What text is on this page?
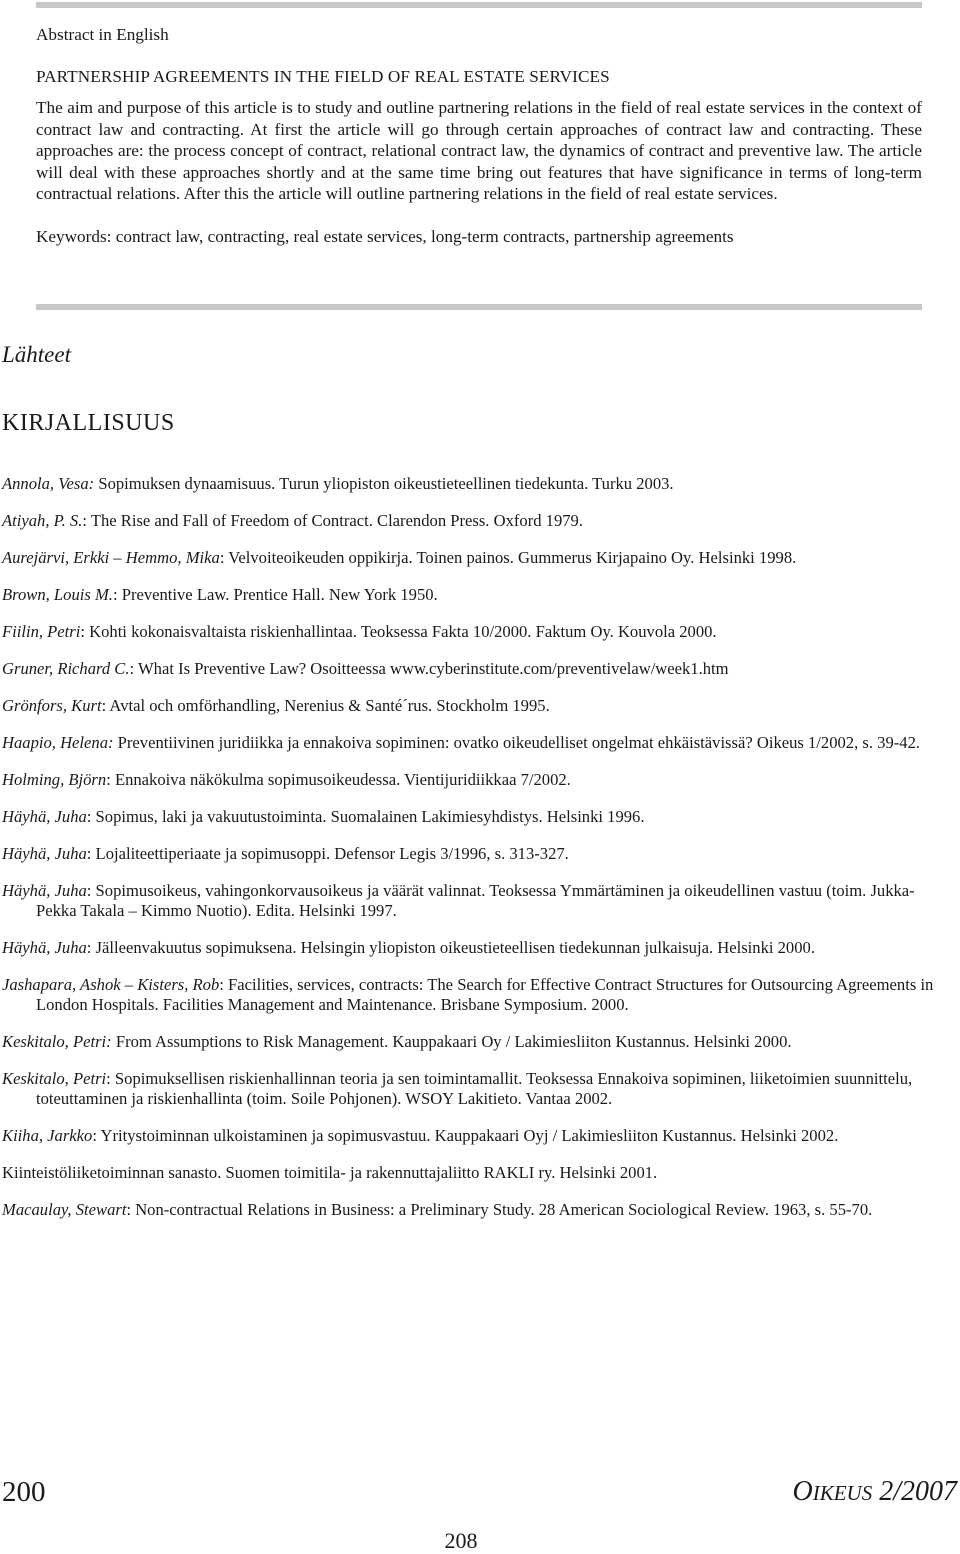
Abstract in English

PARTNERSHIP AGREEMENTS IN THE FIELD OF REAL ESTATE SERVICES

The aim and purpose of this article is to study and outline partnering relations in the field of real estate services in the context of contract law and contracting. At first the article will go through certain approaches of contract law and contracting. These approaches are: the process concept of contract, relational contract law, the dynamics of contract and preventive law. The article will deal with these approaches shortly and at the same time bring out features that have significance in terms of long-term contractual relations. After this the article will outline partnering relations in the field of real estate services.

Keywords: contract law, contracting, real estate services, long-term contracts, partnership agreements

Lähteet
KIRJALLISUUS
Annola, Vesa: Sopimuksen dynaamisuus. Turun yliopiston oikeustieteellinen tiedekunta. Turku 2003.
Atiyah, P. S.: The Rise and Fall of Freedom of Contract. Clarendon Press. Oxford 1979.
Aurejärvi, Erkki – Hemmo, Mika: Velvoiteoikeuden oppikirja. Toinen painos. Gummerus Kirjapaino Oy. Helsinki 1998.
Brown, Louis M.: Preventive Law. Prentice Hall. New York 1950.
Fiilin, Petri: Kohti kokonaisvaltaista riskienhallintaa. Teoksessa Fakta 10/2000. Faktum Oy. Kouvola 2000.
Gruner, Richard C.: What Is Preventive Law? Osoitteessa www.cyberinstitute.com/preventivelaw/week1.htm
Grönfors, Kurt: Avtal och omförhandling, Nerenius & Santé´rus. Stockholm 1995.
Haapio, Helena: Preventiivinen juridiikka ja ennakoiva sopiminen: ovatko oikeudelliset ongelmat ehkäistävissä? Oikeus 1/2002, s. 39-42.
Holming, Björn: Ennakoiva näkökulma sopimusoikeudessa. Vientijuridiikkaa 7/2002.
Häyhä, Juha: Sopimus, laki ja vakuutustoiminta. Suomalainen Lakimiesyhdistys. Helsinki 1996.
Häyhä, Juha: Lojaliteettiperiaate ja sopimusoppi. Defensor Legis 3/1996, s. 313-327.
Häyhä, Juha: Sopimusoikeus, vahingonkorvausoikeus ja väärät valinnat. Teoksessa Ymmärtäminen ja oikeudellinen vastuu (toim. Jukka-Pekka Takala – Kimmo Nuotio). Edita. Helsinki 1997.
Häyhä, Juha: Jälleenvakuutus sopimuksena. Helsingin yliopiston oikeustieteellisen tiedekunnan julkaisuja. Helsinki 2000.
Jashapara, Ashok – Kisters, Rob: Facilities, services, contracts: The Search for Effective Contract Structures for Outsourcing Agreements in London Hospitals. Facilities Management and Maintenance. Brisbane Symposium. 2000.
Keskitalo, Petri: From Assumptions to Risk Management. Kauppakaari Oy / Lakimiesliiton Kustannus. Helsinki 2000.
Keskitalo, Petri: Sopimuksellisen riskienhallinnan teoria ja sen toimintamallit. Teoksessa Ennakoiva sopiminen, liiketoimien suunnittelu, toteuttaminen ja riskienhallinta (toim. Soile Pohjonen). WSOY Lakitieto. Vantaa 2002.
Kiiha, Jarkko: Yritystoiminnan ulkoistaminen ja sopimusvastuu. Kauppakaari Oyj / Lakimiesliiton Kustannus. Helsinki 2002.
Kiinteistöliiketoiminnan sanasto. Suomen toimitila- ja rakennuttajaliitto RAKLI ry. Helsinki 2001.
Macaulay, Stewart: Non-contractual Relations in Business: a Preliminary Study. 28 American Sociological Review. 1963, s. 55-70.
200	OIKEUS 2/2007
208
